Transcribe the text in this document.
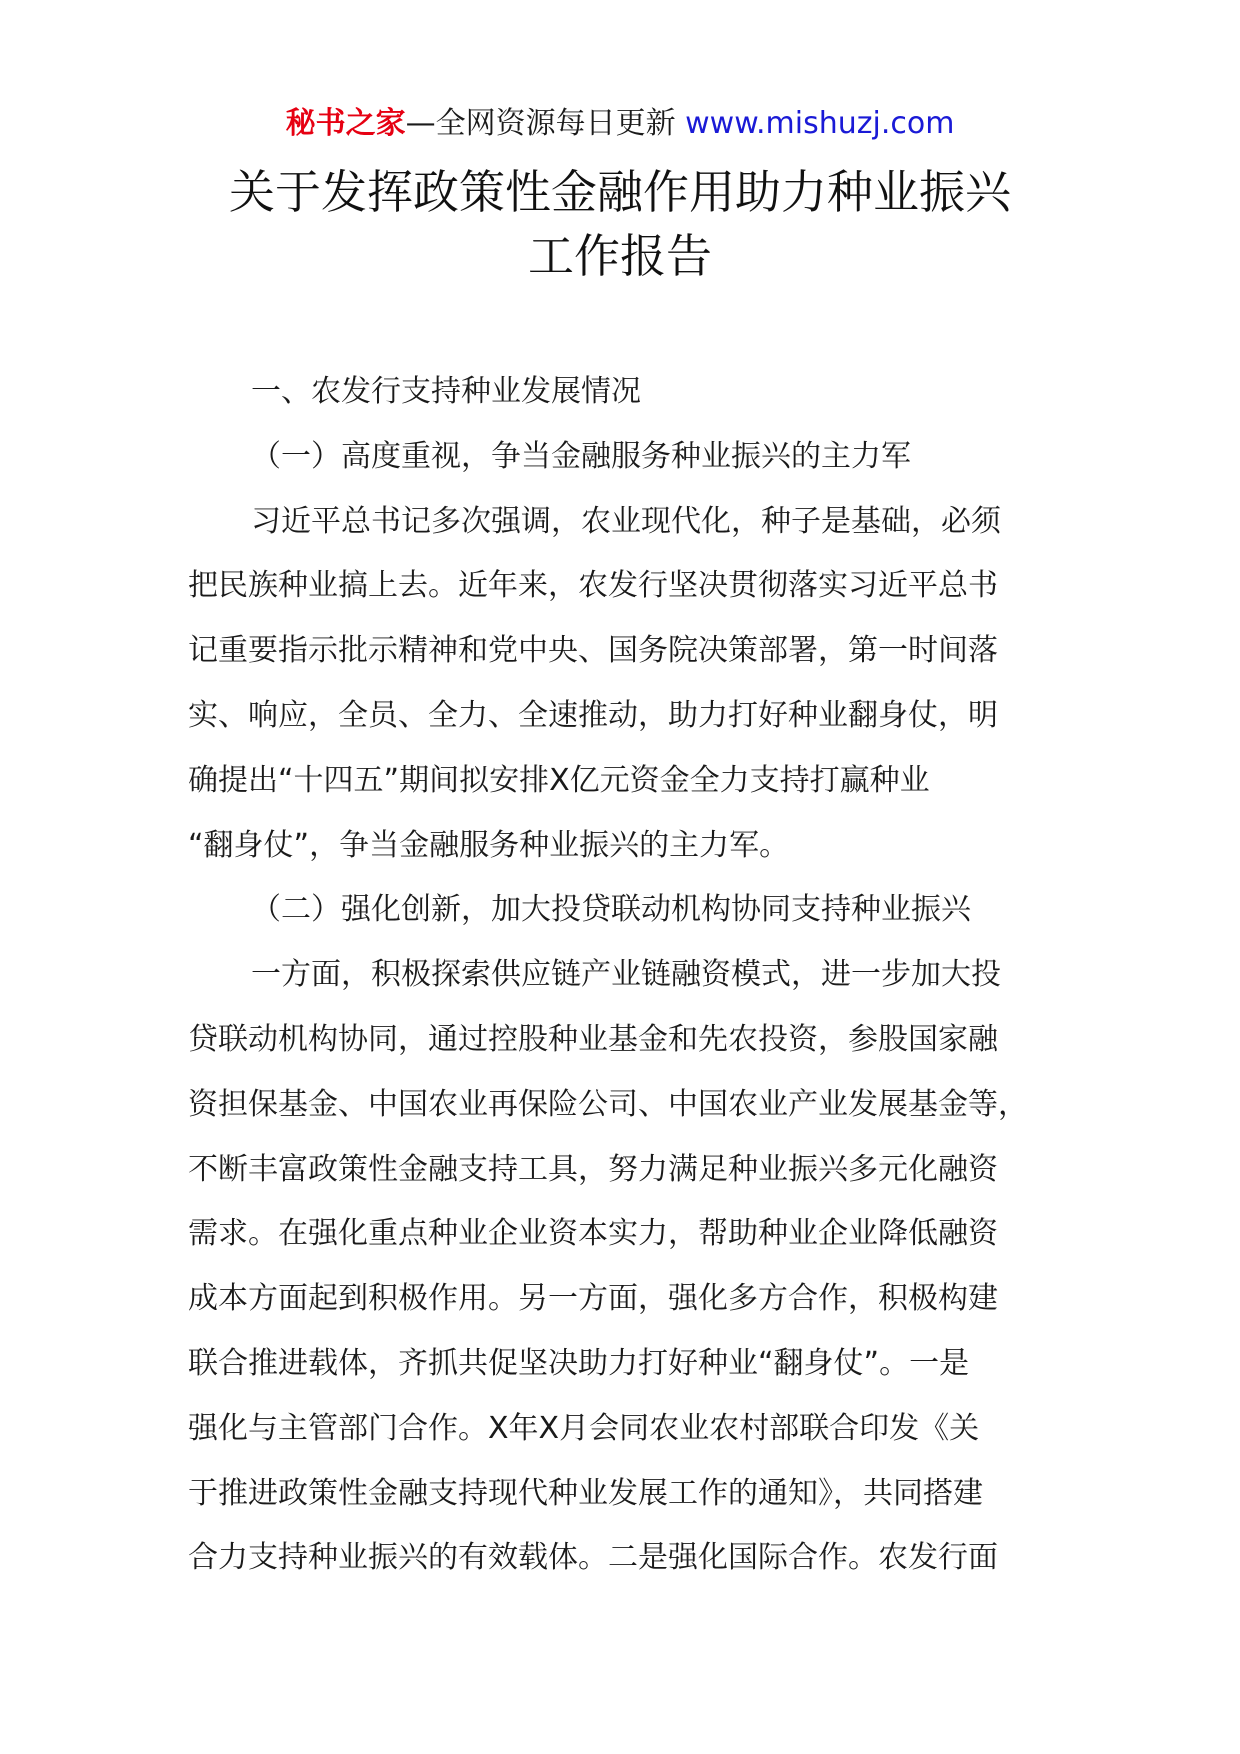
秘书之家—全网资源每日更新 www.mishuzj.com
关于发挥政策性金融作用助力种业振兴
工作报告

一、农发行支持种业发展情况

（一）高度重视，争当金融服务种业振兴的主力军

习近平总书记多次强调，农业现代化，种子是基础，必须

把民族种业搞上去。近年来，农发行坚决贯彻落实习近平总书

记重要指示批示精神和党中央、国务院决策部署，第一时间落

实、响应，全员、全力、全速推动，助力打好种业翻身仗，明

确提出“十四五”期间拟安排X亿元资金全力支持打赢种业

“翻身仗”，争当金融服务种业振兴的主力军。

（二）强化创新，加大投贷联动机构协同支持种业振兴

一方面，积极探索供应链产业链融资模式，进一步加大投

贷联动机构协同，通过控股种业基金和先农投资，参股国家融

资担保基金、中国农业再保险公司、中国农业产业发展基金等，

不断丰富政策性金融支持工具，努力满足种业振兴多元化融资

需求。在强化重点种业企业资本实力，帮助种业企业降低融资

成本方面起到积极作用。另一方面，强化多方合作，积极构建

联合推进载体，齐抓共促坚决助力打好种业“翻身仗”。一是

强化与主管部门合作。X年X月会同农业农村部联合印发《关

于推进政策性金融支持现代种业发展工作的通知》，共同搭建

合力支持种业振兴的有效载体。二是强化国际合作。农发行面
